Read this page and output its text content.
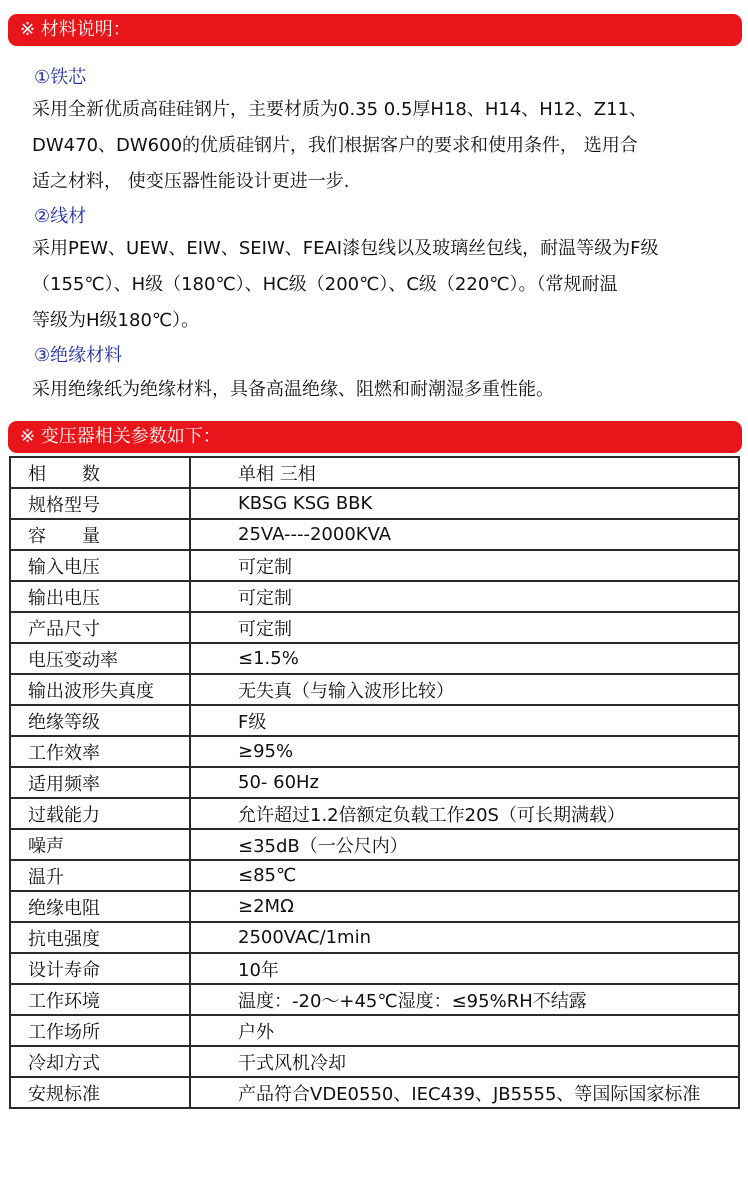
※ 材料说明：
①铁芯
采用全新优质高硅硅钢片，主要材质为0.35 0.5厚H18、H14、H12、Z11、
DW470、DW600的优质硅钢片，我们根据客户的要求和使用条件， 选用合
适之材料， 使变压器性能设计更进一步.
②线材
采用PEW、UEW、EIW、SEIW、FEAI漆包线以及玻璃丝包线，耐温等级为F级
（155℃）、H级（180℃）、HC级（200℃）、C级（220℃）。（常规耐温
等级为H级180℃）。
③绝缘材料
采用绝缘纸为绝缘材料，具备高温绝缘、阻燃和耐潮湿多重性能。
※ 变压器相关参数如下：
相　　数	单相 三相
规格型号	KBSG KSG BBK
容　　量	25VA----2000KVA
输入电压	可定制
输出电压	可定制
产品尺寸	可定制
电压变动率	≤1.5%
输出波形失真度	无失真（与输入波形比较）
绝缘等级	F级
工作效率	≥95%
适用频率	50- 60Hz
过载能力	允许超过1.2倍额定负载工作20S（可长期满载）
噪声	≤35dB（一公尺内）
温升	≤85℃
绝缘电阻	≥2MΩ
抗电强度	2500VAC/1min
设计寿命	10年
工作环境	温度：-20～+45℃湿度：≤95%RH不结露
工作场所	户外
冷却方式	干式风机冷却
安规标准	产品符合VDE0550、IEC439、JB5555、等国际国家标准
